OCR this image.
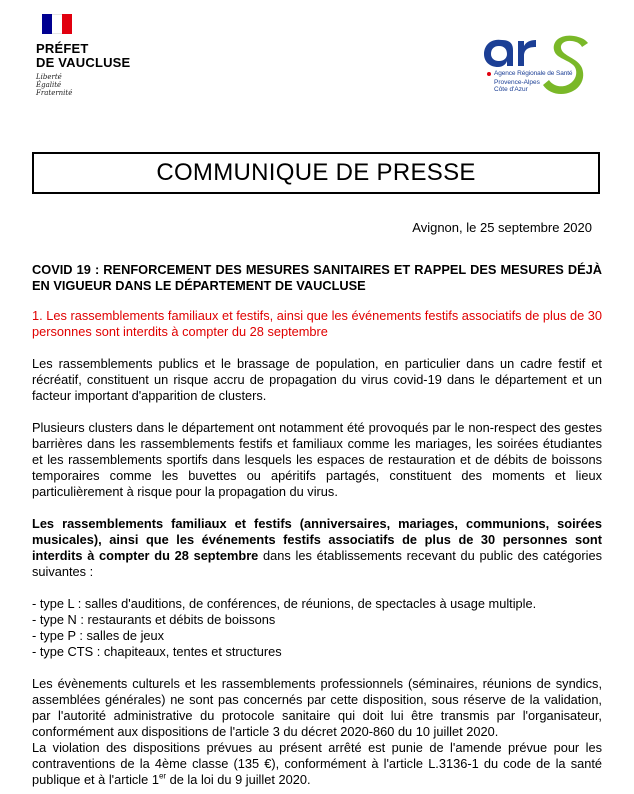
PRÉFET
DE VAUCLUSE
Liberté
Égalité
Fraternité
Agence Régionale de Santé
Provence-Alpes
Côte d'Azur
COMMUNIQUE DE PRESSE
Avignon, le 25 septembre 2020

COVID 19 : RENFORCEMENT DES MESURES SANITAIRES ET RAPPEL DES MESURES DÉJÀ EN VIGUEUR DANS LE DÉPARTEMENT DE VAUCLUSE

1. Les rassemblements familiaux et festifs, ainsi que les événements festifs associatifs de plus de 30 personnes sont interdits à compter du 28 septembre

Les rassemblements publics et le brassage de population, en particulier dans un cadre festif et récréatif, constituent un risque accru de propagation du virus covid-19 dans le département et un facteur important d'apparition de clusters.

Plusieurs clusters dans le département ont notamment été provoqués par le non-respect des gestes barrières dans les rassemblements festifs et familiaux comme les mariages, les soirées étudiantes et les rassemblements sportifs dans lesquels les espaces de restauration et de débits de boissons temporaires comme les buvettes ou apéritifs partagés, constituent des moments et lieux particulièrement à risque pour la propagation du virus.

Les rassemblements familiaux et festifs (anniversaires, mariages, communions, soirées musicales), ainsi que les événements festifs associatifs de plus de 30 personnes sont interdits à compter du 28 septembre dans les établissements recevant du public des catégories suivantes :

- type L : salles d'auditions, de conférences, de réunions, de spectacles à usage multiple.
- type N : restaurants et débits de boissons
- type P : salles de jeux
- type CTS : chapiteaux, tentes et structures

Les évènements culturels et les rassemblements professionnels (séminaires, réunions de syndics, assemblées générales) ne sont pas concernés par cette disposition, sous réserve de la validation, par l'autorité administrative du protocole sanitaire qui doit lui être transmis par l'organisateur, conformément aux dispositions de l'article 3 du décret 2020-860 du 10 juillet 2020.

La violation des dispositions prévues au présent arrêté est punie de l'amende prévue pour les contraventions de la 4ème classe (135 €), conformément à l'article L.3136-1 du code de la santé publique et à l'article 1er de la loi du 9 juillet 2020.
